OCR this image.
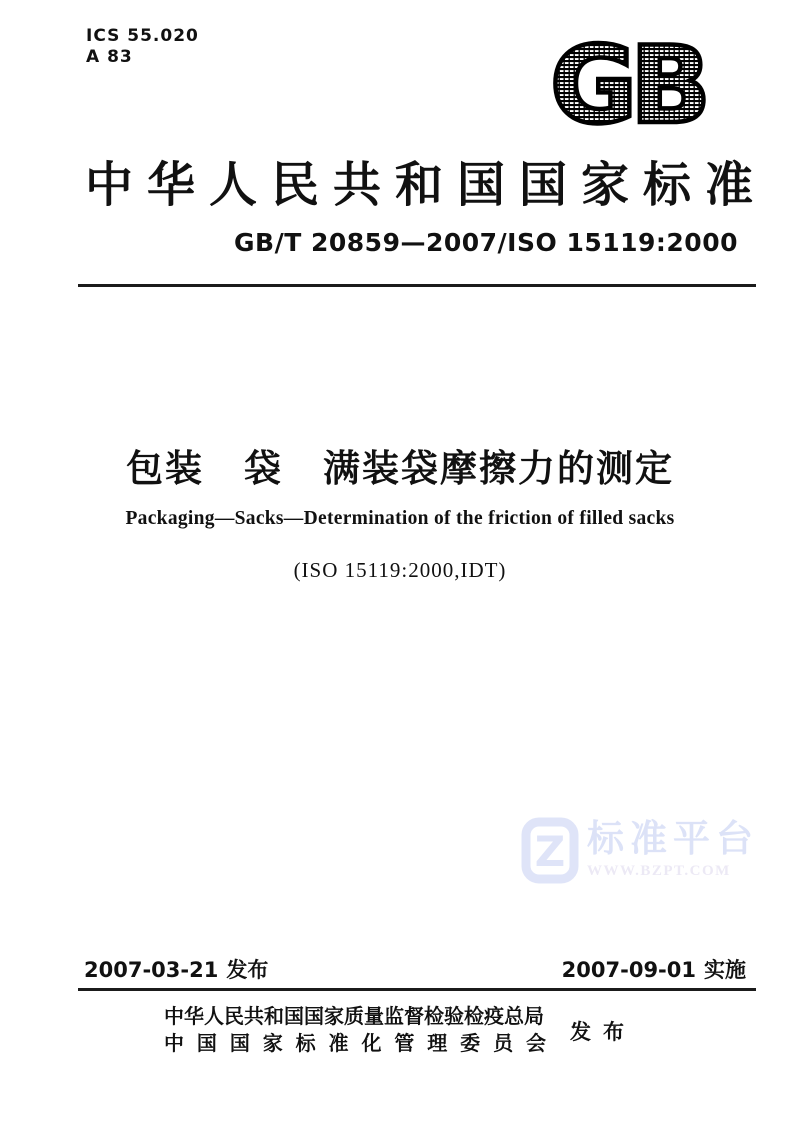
ICS 55.020
A 83	GB
中华人民共和国国家标准
GB/T 20859—2007/ISO 15119:2000
包装 袋 满装袋摩擦力的测定
Packaging—Sacks—Determination of the friction of filled sacks
(ISO 15119:2000,IDT)
Z 标准平台
WWW.BZPT.COM
2007-03-21 发布	2007-09-01 实施
中华人民共和国国家质量监督检验检疫总局
中国国家标准化管理委员会 发布
